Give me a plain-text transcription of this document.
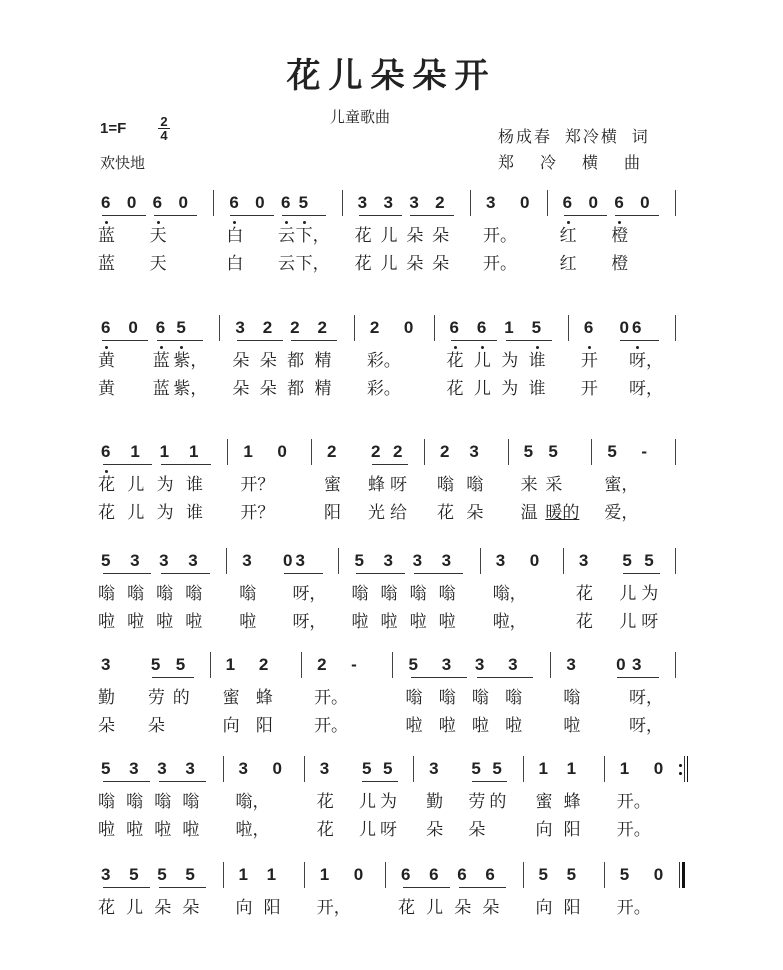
花儿朵朵开
儿童歌曲
1=F	2
4
欢快地
杨成春  郑冷横  词
郑 冷 横 曲
6
蓝
蓝
0 6
天
天
0 6
白
白
0 6
云
云
5
下，
下，
3
花
花
3
儿
儿
3
朵
朵
2
朵
朵
3
开。
开。
0 6
红
红
0 6
橙
橙
0
6
黄
黄
0 6
蓝
蓝
5
紫，
紫，
3
朵
朵
2
朵
朵
2
都
都
2
精
精
2
彩。
彩。
0 6
花
花
6
儿
儿
1
为
为
5
谁
谁
6
开
开
0 6
呀，
呀，
6
花
花
1
儿
儿
1
为
为
1
谁
谁
1
开？
开？
0 2
蜜
阳
2
蜂
光
2
呀
给
2
嗡
花
3
嗡
朵
5
来
温
5
采
暖的
5
蜜，
爱，
-
5
嗡
啦
3
嗡
啦
3
嗡
啦
3
嗡
啦
3
嗡
啦
0 3
呀，
呀，
5
嗡
啦
3
嗡
啦
3
嗡
啦
3
嗡
啦
3
嗡，
啦，
0 3
花
花
5
儿
儿
5
为
呀
3
勤
朵
5
劳
朵
5
的
1
蜜
向
2
蜂
阳
2
开。
开。
-	5
嗡
啦
3
嗡
啦
3
嗡
啦
3
嗡
啦
3
嗡
啦
0 3
呀，
呀，
5
嗡
啦
3
嗡
啦
3
嗡
啦
3
嗡
啦
3
嗡，
啦，
0 3
花
花
5
儿
儿
5
为
呀
3
勤
朵
5
劳
朵
5
的
1
蜜
向
1
蜂
阳
1
开。
开。
0
3
花
5
儿
5
朵
5
朵
1
向
1
阳
1
开，
0 6
花
6
儿
6
朵
6
朵
5
向
5
阳
5
开。
0
